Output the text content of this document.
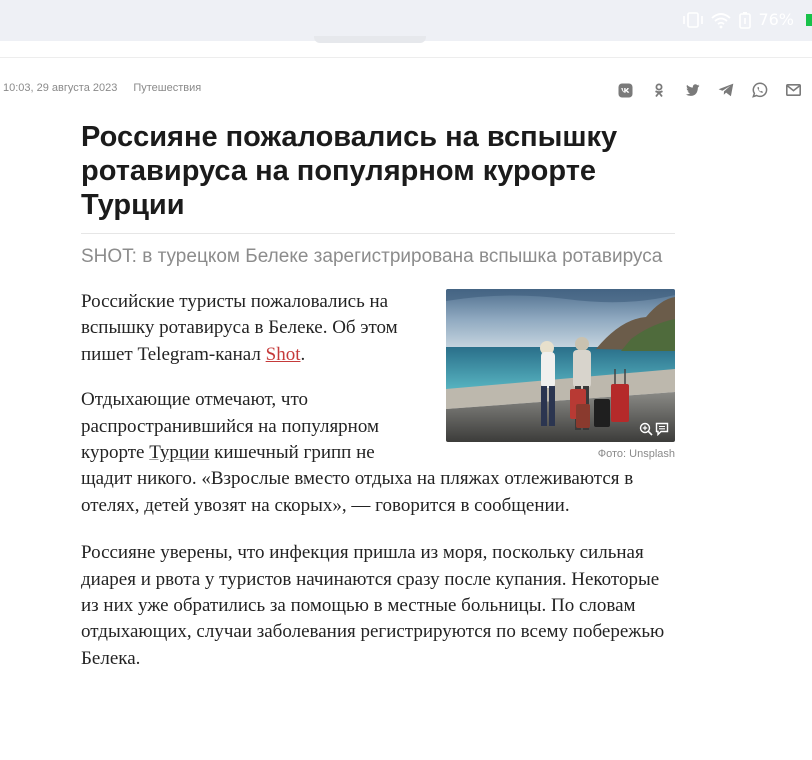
76%
10:03, 29 августа 2023 Путешествия
Россияне пожаловались на вспышку ротавируса на популярном курорте Турции

SHOT: в турецком Белеке зарегистрирована вспышка ротавируса

Фото: Unsplash

Российские туристы пожаловались на вспышку ротавируса в Белеке. Об этом пишет Telegram-канал Shot.

Отдыхающие отмечают, что распространившийся на популярном курорте Турции кишечный грипп не щадит никого. «Взрослые вместо отдыха на пляжах отлеживаются в отелях, детей увозят на скорых», — говорится в сообщении.

Россияне уверены, что инфекция пришла из моря, поскольку сильная диарея и рвота у туристов начинаются сразу после купания. Некоторые из них уже обратились за помощью в местные больницы. По словам отдыхающих, случаи заболевания регистрируются по всему побережью Белека.
